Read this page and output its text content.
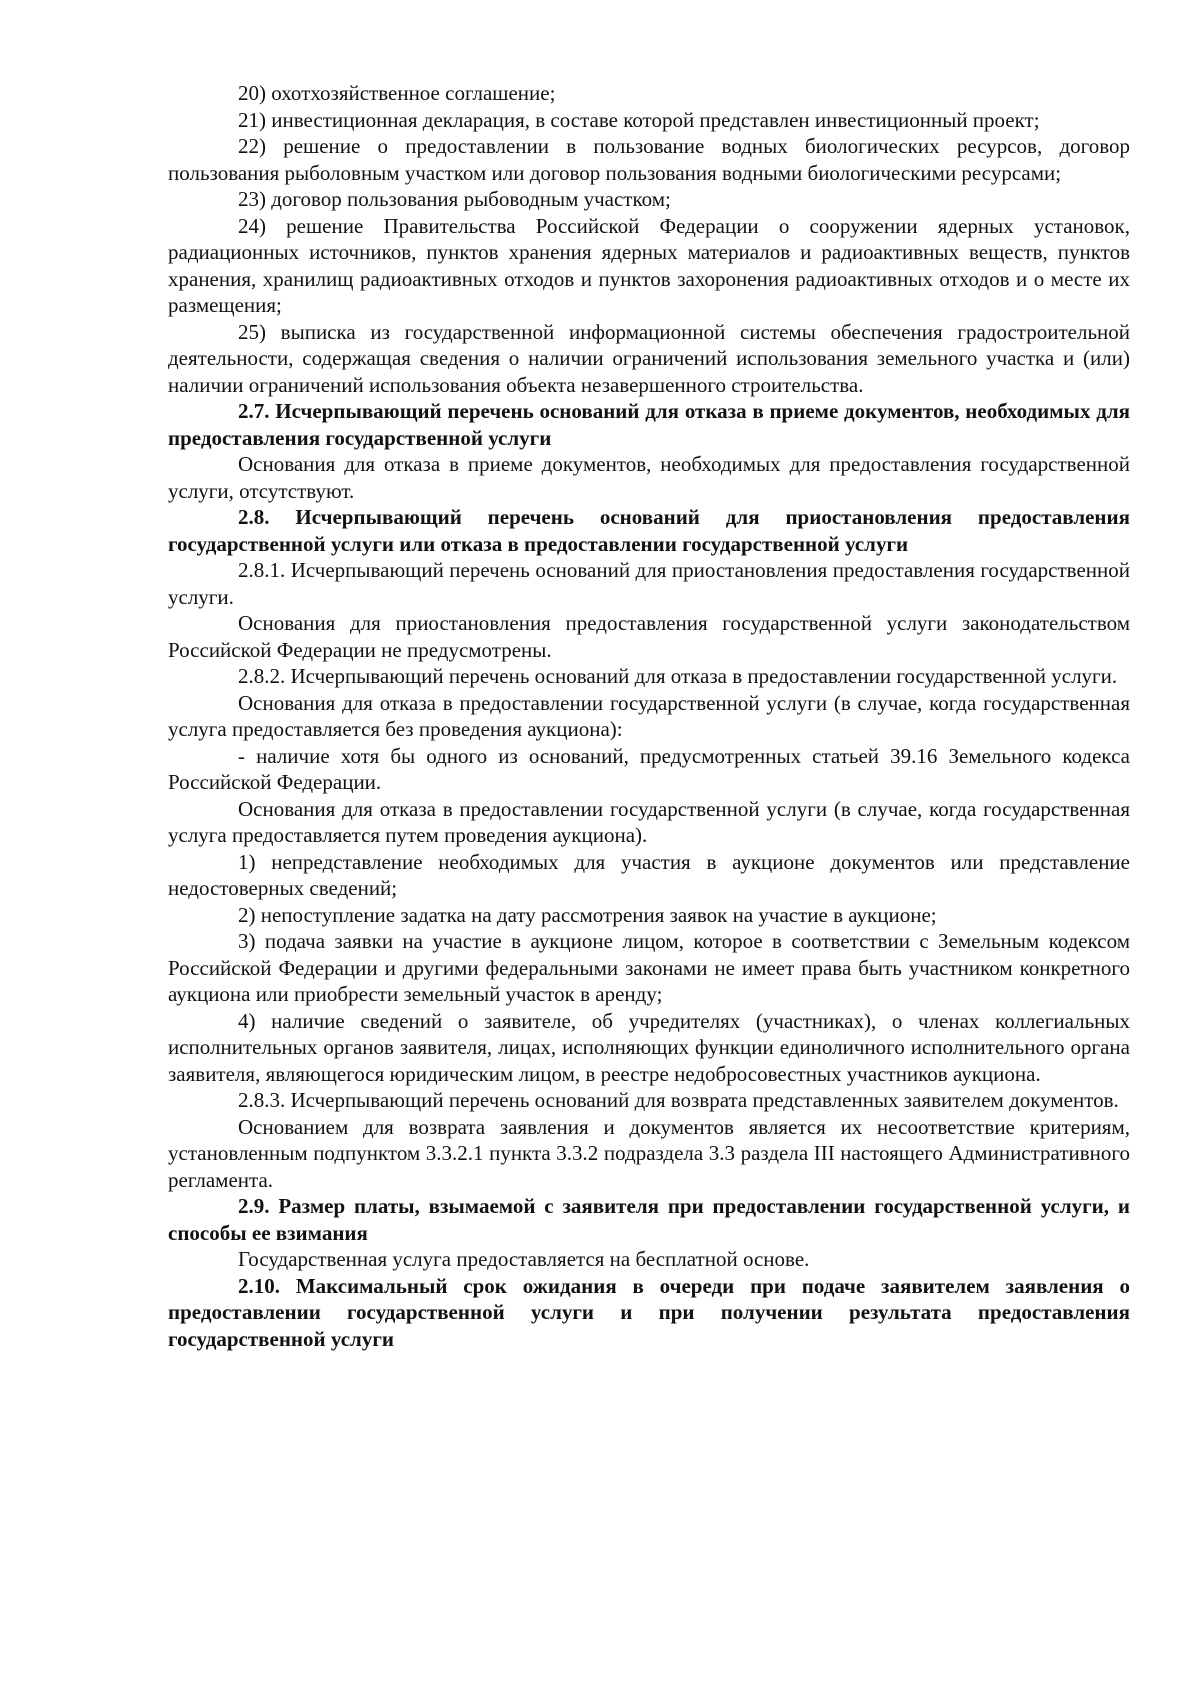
20) охотхозяйственное соглашение;

21) инвестиционная декларация, в составе которой представлен инвестиционный проект;

22) решение о предоставлении в пользование водных биологических ресурсов, договор пользования рыболовным участком или договор пользования водными биологическими ресурсами;

23) договор пользования рыбоводным участком;

24) решение Правительства Российской Федерации о сооружении ядерных установок, радиационных источников, пунктов хранения ядерных материалов и радиоактивных веществ, пунктов хранения, хранилищ радиоактивных отходов и пунктов захоронения радиоактивных отходов и о месте их размещения;

25) выписка из государственной информационной системы обеспечения градостроительной деятельности, содержащая сведения о наличии ограничений использования земельного участка и (или) наличии ограничений использования объекта незавершенного строительства.

2.7. Исчерпывающий перечень оснований для отказа в приеме документов, необходимых для предоставления государственной услуги

Основания для отказа в приеме документов, необходимых для предоставления государственной услуги, отсутствуют.

2.8. Исчерпывающий перечень оснований для приостановления предоставления государственной услуги или отказа в предоставлении государственной услуги

2.8.1. Исчерпывающий перечень оснований для приостановления предоставления государственной услуги.

Основания для приостановления предоставления государственной услуги законодательством Российской Федерации не предусмотрены.

2.8.2. Исчерпывающий перечень оснований для отказа в предоставлении государственной услуги.

Основания для отказа в предоставлении государственной услуги (в случае, когда государственная услуга предоставляется без проведения аукциона):

- наличие хотя бы одного из оснований, предусмотренных статьей 39.16 Земельного кодекса Российской Федерации.

Основания для отказа в предоставлении государственной услуги (в случае, когда государственная услуга предоставляется путем проведения аукциона).

1) непредставление необходимых для участия в аукционе документов или представление недостоверных сведений;

2) непоступление задатка на дату рассмотрения заявок на участие в аукционе;

3) подача заявки на участие в аукционе лицом, которое в соответствии с Земельным кодексом Российской Федерации и другими федеральными законами не имеет права быть участником конкретного аукциона или приобрести земельный участок в аренду;

4) наличие сведений о заявителе, об учредителях (участниках), о членах коллегиальных исполнительных органов заявителя, лицах, исполняющих функции единоличного исполнительного органа заявителя, являющегося юридическим лицом, в реестре недобросовестных участников аукциона.

2.8.3. Исчерпывающий перечень оснований для возврата представленных заявителем документов.

Основанием для возврата заявления и документов является их несоответствие критериям, установленным подпунктом 3.3.2.1 пункта 3.3.2 подраздела 3.3 раздела III настоящего Административного регламента.

2.9. Размер платы, взымаемой с заявителя при предоставлении государственной услуги, и способы ее взимания

Государственная услуга предоставляется на бесплатной основе.

2.10. Максимальный срок ожидания в очереди при подаче заявителем заявления о предоставлении государственной услуги и при получении результата предоставления государственной услуги
